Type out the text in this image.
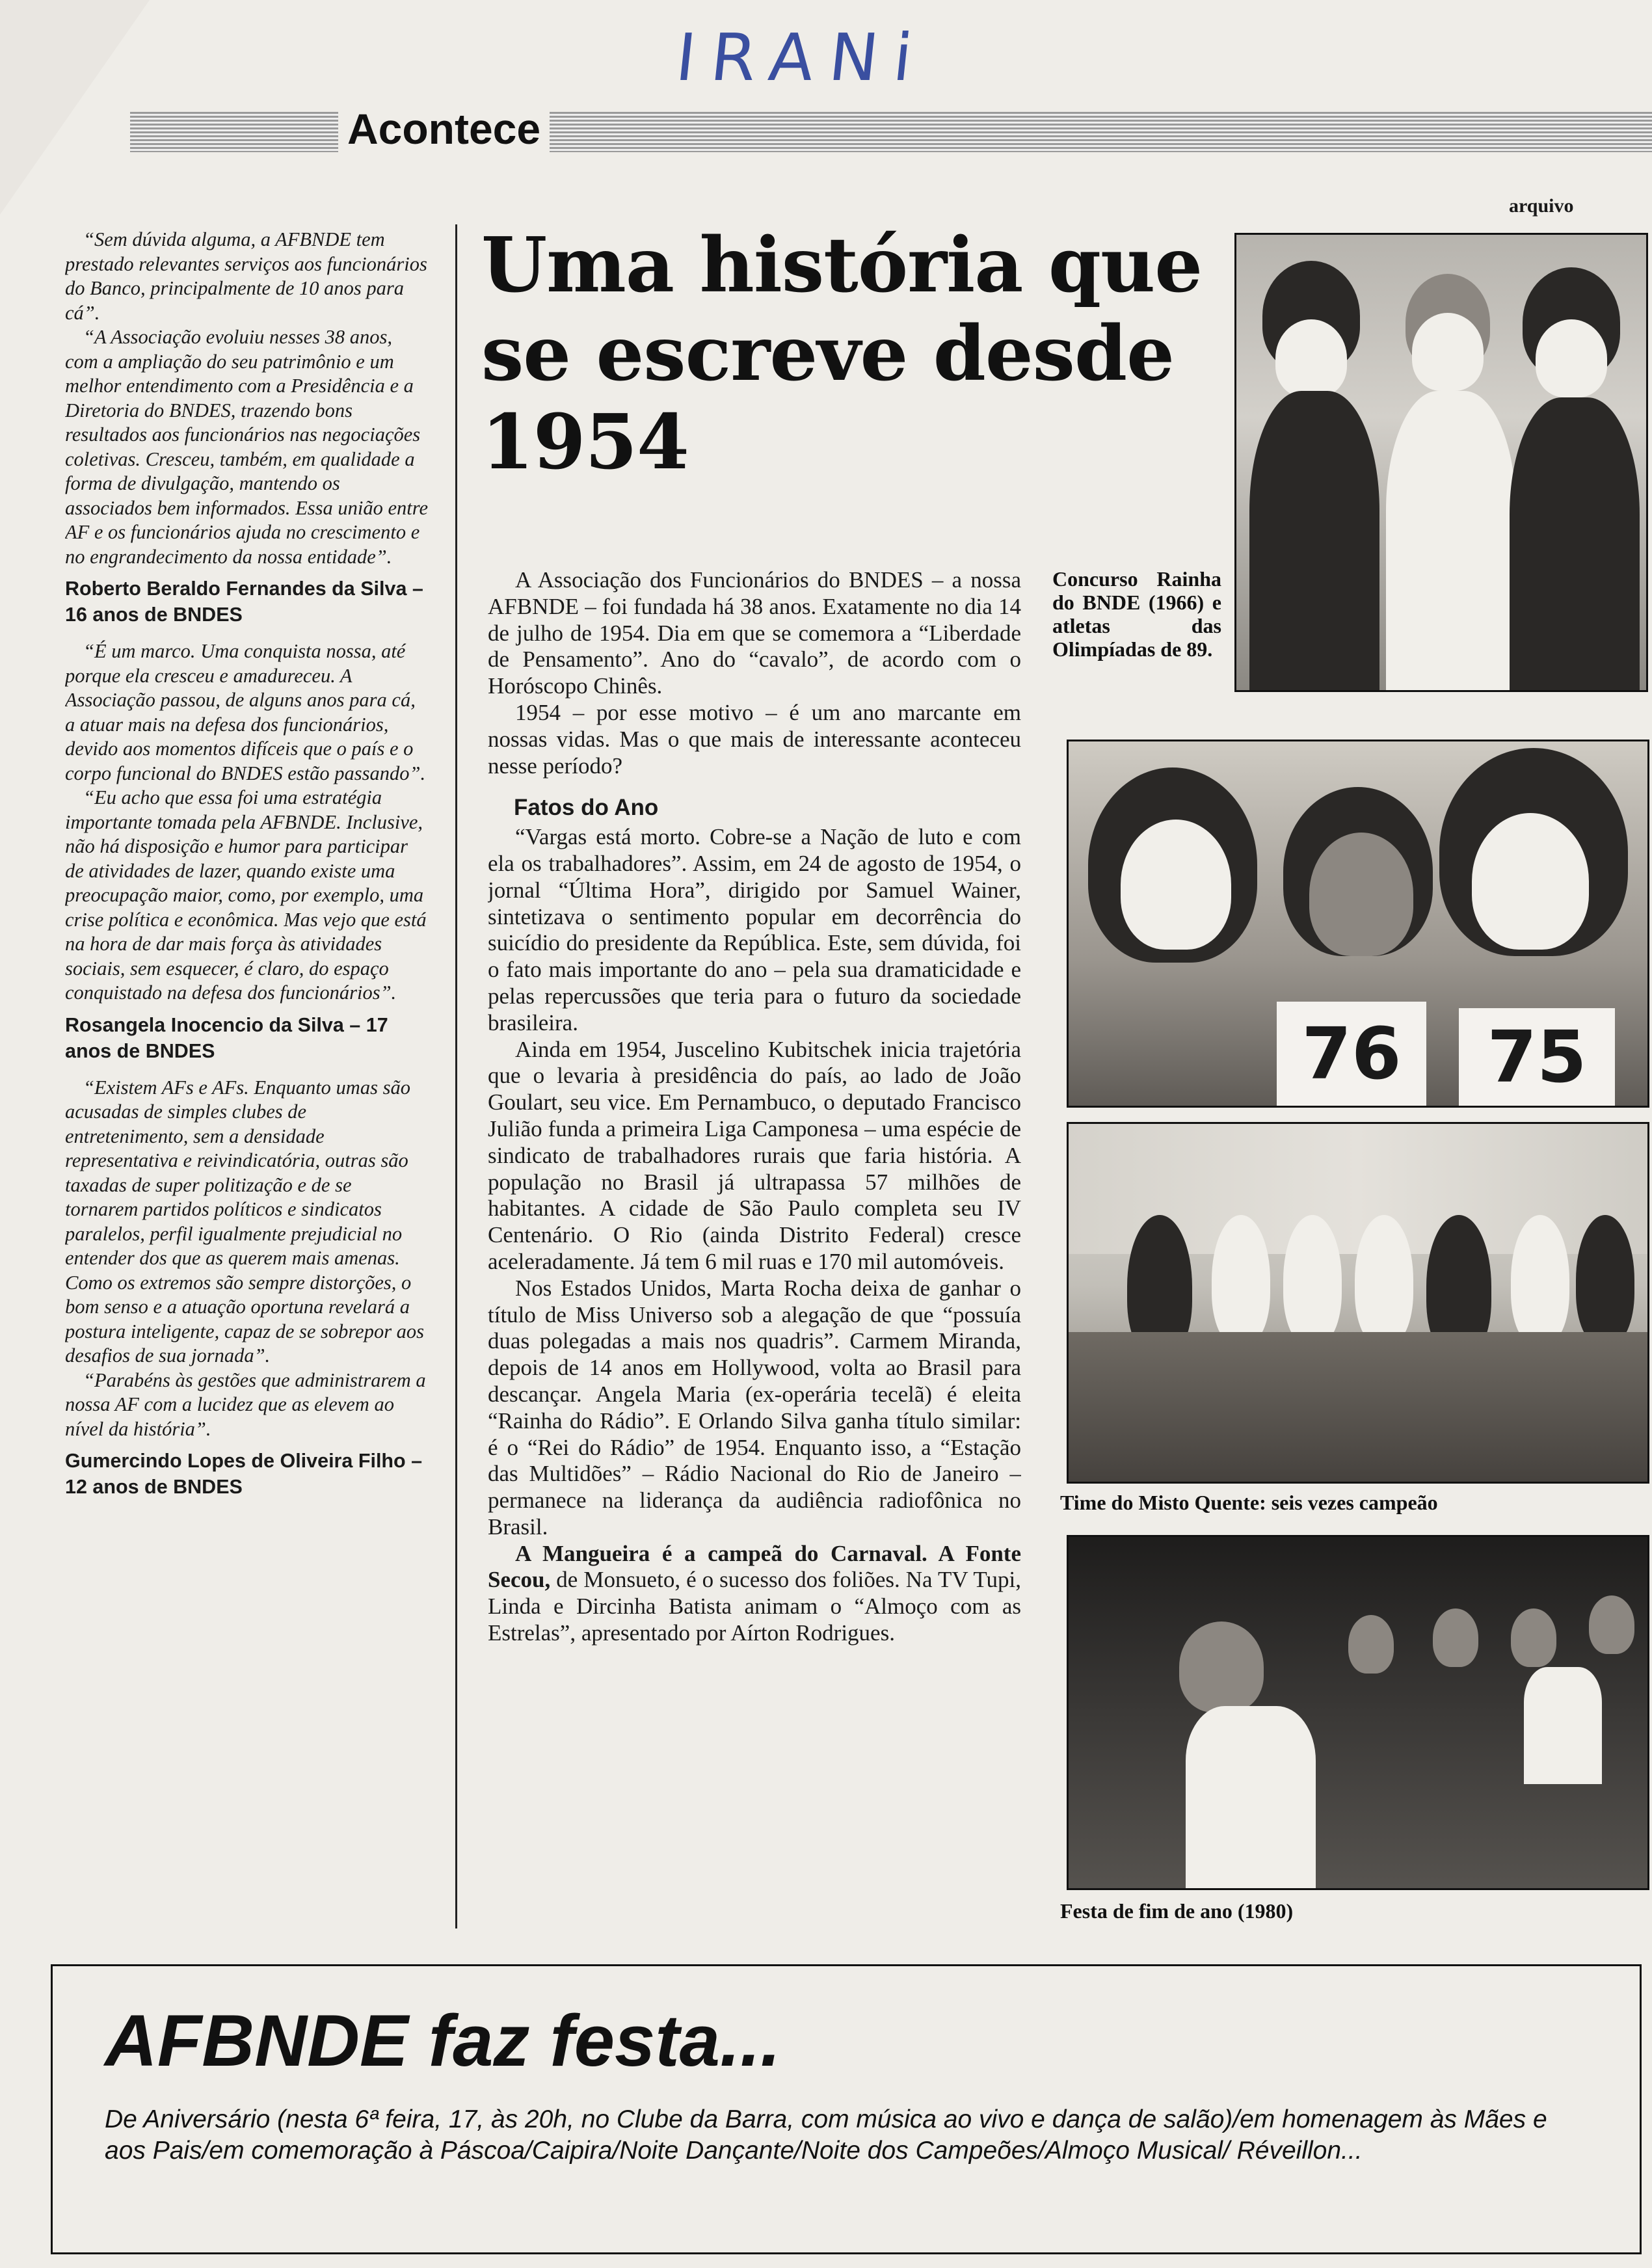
IRANi
Acontece
arquivo

“Sem dúvida alguma, a AFBNDE tem prestado relevantes serviços aos funcionários do Banco, principalmente de 10 anos para cá”.

“A Associação evoluiu nesses 38 anos, com a ampliação do seu patrimônio e um melhor entendimento com a Presidência e a Diretoria do BNDES, trazendo bons resultados aos funcionários nas negociações coletivas. Cresceu, também, em qualidade a forma de divulgação, mantendo os associados bem informados. Essa união entre AF e os funcionários ajuda no crescimento e no engrandecimento da nossa entidade”.

Roberto Beraldo Fernandes da Silva – 16 anos de BNDES

“É um marco. Uma conquista nossa, até porque ela cresceu e amadureceu. A Associação passou, de alguns anos para cá, a atuar mais na defesa dos funcionários, devido aos momentos difíceis que o país e o corpo funcional do BNDES estão passando”.

“Eu acho que essa foi uma estratégia importante tomada pela AFBNDE. Inclusive, não há disposição e humor para participar de atividades de lazer, quando existe uma preocupação maior, como, por exemplo, uma crise política e econômica. Mas vejo que está na hora de dar mais força às atividades sociais, sem esquecer, é claro, do espaço conquistado na defesa dos funcionários”.

Rosangela Inocencio da Silva – 17 anos de BNDES

“Existem AFs e AFs. Enquanto umas são acusadas de simples clubes de entretenimento, sem a densidade representativa e reivindicatória, outras são taxadas de super politização e de se tornarem partidos políticos e sindicatos paralelos, perfil igualmente prejudicial no entender dos que as querem mais amenas. Como os extremos são sempre distorções, o bom senso e a atuação oportuna revelará a postura inteligente, capaz de se sobrepor aos desafios de sua jornada”.

“Parabéns às gestões que administrarem a nossa AF com a lucidez que as elevem ao nível da história”.

Gumercindo Lopes de Oliveira Filho – 12 anos de BNDES
Uma história que se escreve desde 1954

A Associação dos Funcionários do BNDES – a nossa AFBNDE – foi fundada há 38 anos. Exatamente no dia 14 de julho de 1954. Dia em que se comemora a “Liberdade de Pensamento”. Ano do “cavalo”, de acordo com o Horóscopo Chinês.

1954 – por esse motivo – é um ano marcante em nossas vidas. Mas o que mais de interessante aconteceu nesse período?

Fatos do Ano

“Vargas está morto. Cobre-se a Nação de luto e com ela os trabalhadores”. Assim, em 24 de agosto de 1954, o jornal “Última Hora”, dirigido por Samuel Wainer, sintetizava o sentimento popular em decorrência do suicídio do presidente da República. Este, sem dúvida, foi o fato mais importante do ano – pela sua dramaticidade e pelas repercussões que teria para o futuro da sociedade brasileira.

Ainda em 1954, Juscelino Kubitschek inicia trajetória que o levaria à presidência do país, ao lado de João Goulart, seu vice. Em Pernambuco, o deputado Francisco Julião funda a primeira Liga Camponesa – uma espécie de sindicato de trabalhadores rurais que faria história. A população no Brasil já ultrapassa 57 milhões de habitantes. A cidade de São Paulo completa seu IV Centenário. O Rio (ainda Distrito Federal) cresce aceleradamente. Já tem 6 mil ruas e 170 mil automóveis.

Nos Estados Unidos, Marta Rocha deixa de ganhar o título de Miss Universo sob a alegação de que “possuía duas polegadas a mais nos quadris”. Carmem Miranda, depois de 14 anos em Hollywood, volta ao Brasil para descançar. Angela Maria (ex-operária tecelã) é eleita “Rainha do Rádio”. E Orlando Silva ganha título similar: é o “Rei do Rádio” de 1954. Enquanto isso, a “Estação das Multidões” – Rádio Nacional do Rio de Janeiro – permanece na liderança da audiência radiofônica no Brasil.

A Mangueira é a campeã do Carnaval. A Fonte Secou, de Monsueto, é o sucesso dos foliões. Na TV Tupi, Linda e Dircinha Batista animam o “Almoço com as Estrelas”, apresentado por Aírton Rodrigues.

Concurso Rainha do BNDE (1966) e atletas das Olimpíadas de 89.
76	75
Time do Misto Quente: seis vezes campeão
Festa de fim de ano (1980)
AFBNDE faz festa...
De Aniversário (nesta 6ª feira, 17, às 20h, no Clube da Barra, com música ao vivo e dança de salão)/em homenagem às Mães e aos Pais/em comemoração à Páscoa/Caipira/Noite Dançante/Noite dos Campeões/Almoço Musical/ Réveillon...
